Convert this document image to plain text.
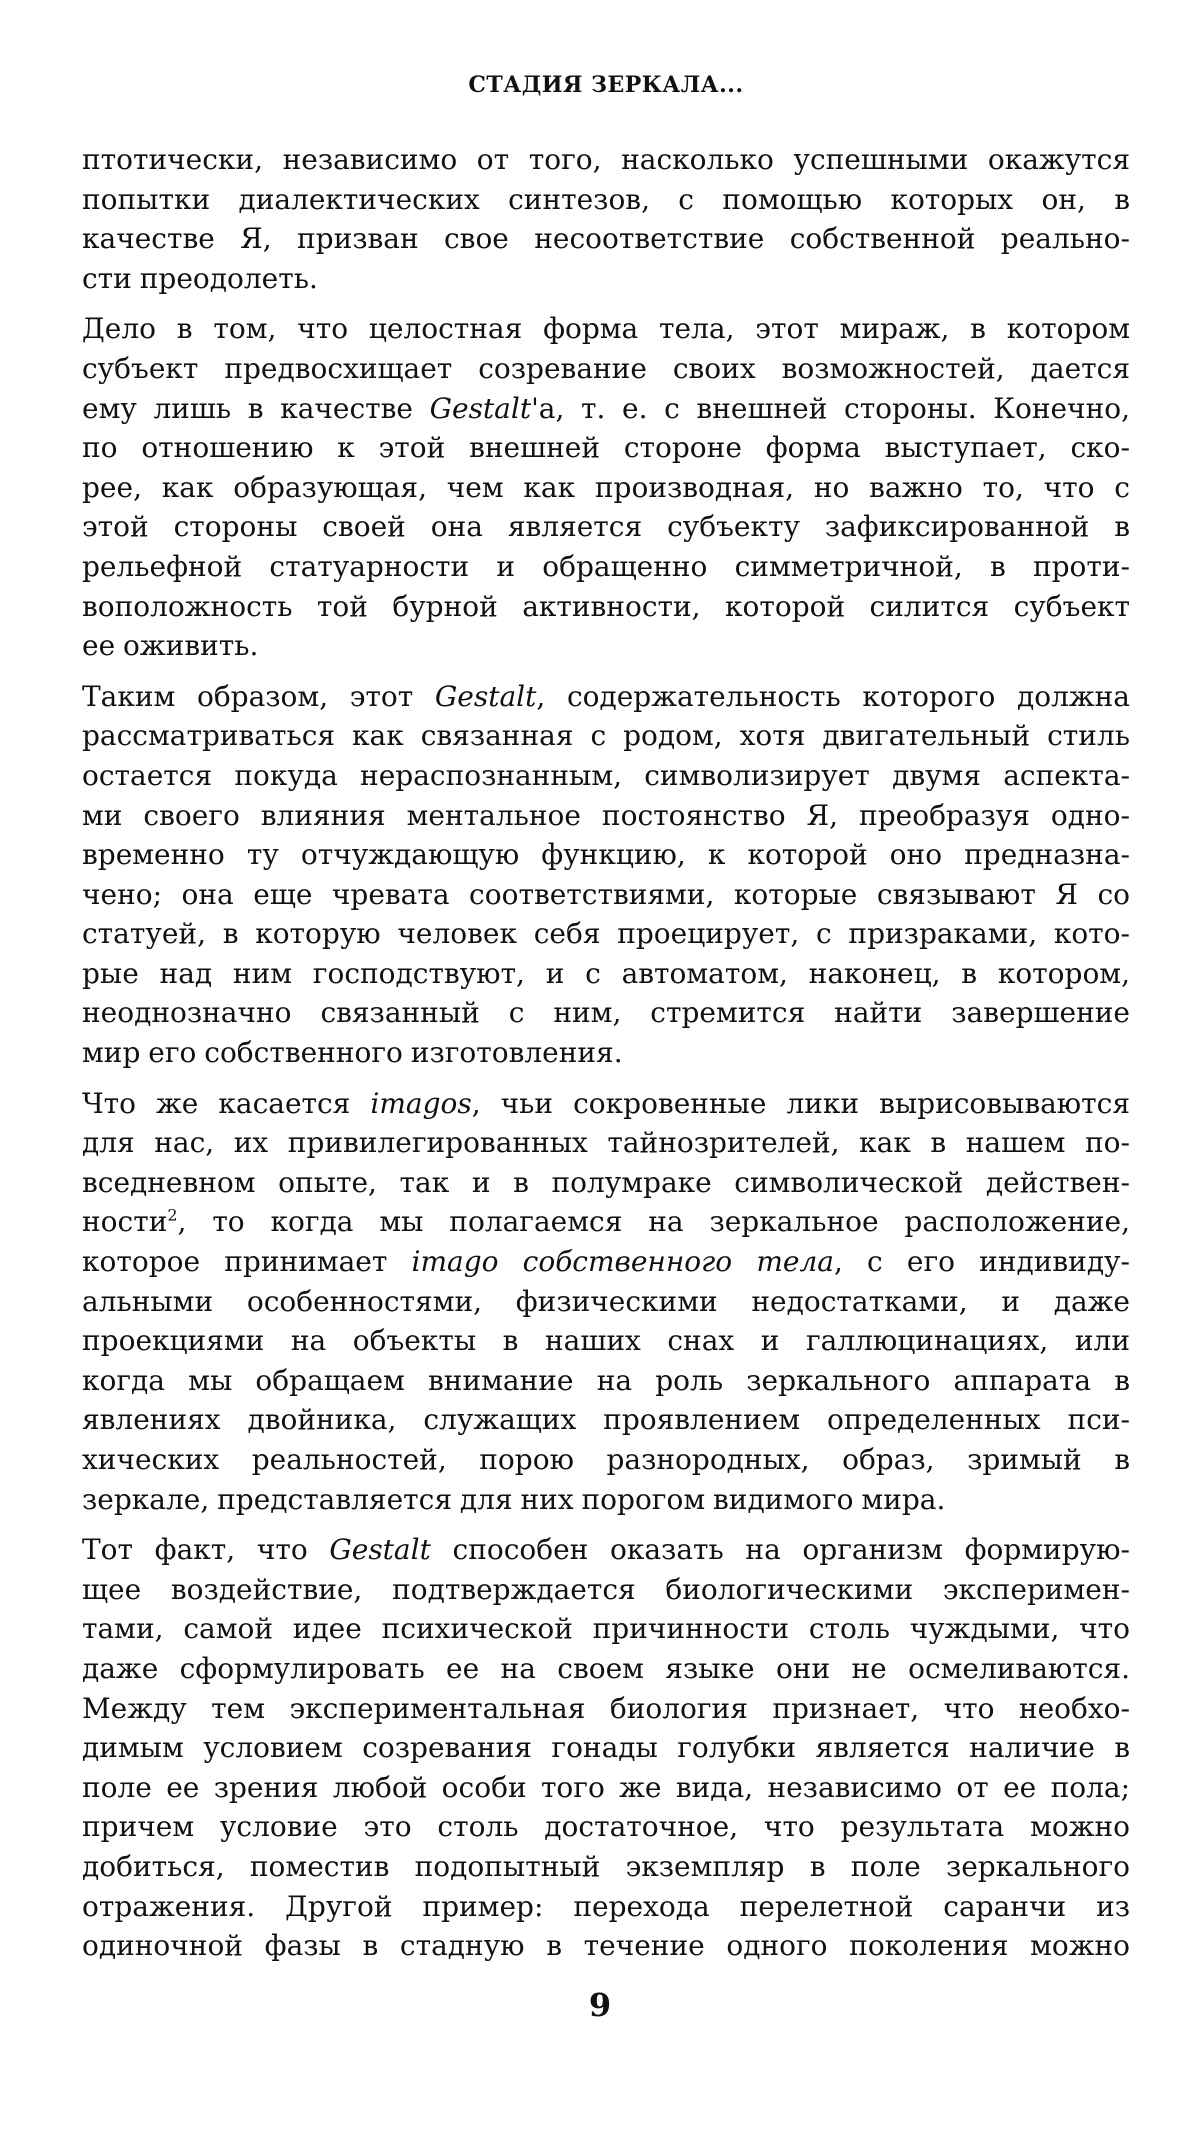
СТАДИЯ ЗЕРКАЛА...

птотически, независимо от того, насколько успешными окажутся
попытки диалектических синтезов, с помощью которых он, в
качестве Я, призван свое несоответствие собственной реально-
сти преодолеть.

Дело в том, что целостная форма тела, этот мираж, в котором
субъект предвосхищает созревание своих возможностей, дается
ему лишь в качестве Gestalt'а, т. е. с внешней стороны. Конечно,
по отношению к этой внешней стороне форма выступает, ско-
рее, как образующая, чем как производная, но важно то, что с
этой стороны своей она является субъекту зафиксированной в
рельефной статуарности и обращенно симметричной, в проти-
воположность той бурной активности, которой силится субъект
ее оживить.

Таким образом, этот Gestalt, содержательность которого должна
рассматриваться как связанная с родом, хотя двигательный стиль
остается покуда нераспознанным, символизирует двумя аспекта-
ми своего влияния ментальное постоянство Я, преобразуя одно-
временно ту отчуждающую функцию, к которой оно предназна-
чено; она еще чревата соответствиями, которые связывают Я со
статуей, в которую человек себя проецирует, с призраками, кото-
рые над ним господствуют, и с автоматом, наконец, в котором,
неоднозначно связанный с ним, стремится найти завершение
мир его собственного изготовления.

Что же касается imagos, чьи сокровенные лики вырисовываются
для нас, их привилегированных тайнозрителей, как в нашем по-
вседневном опыте, так и в полумраке символической действен-
ности$^2$, то когда мы полагаемся на зеркальное расположение,
которое принимает imago собственного тела, с его индивиду-
альными особенностями, физическими недостатками, и даже
проекциями на объекты в наших снах и галлюцинациях, или
когда мы обращаем внимание на роль зеркального аппарата в
явлениях двойника, служащих проявлением определенных пси-
хических реальностей, порою разнородных, образ, зримый в
зеркале, представляется для них порогом видимого мира.

Тот факт, что Gestalt способен оказать на организм формирую-
щее воздействие, подтверждается биологическими эксперимен-
тами, самой идее психической причинности столь чуждыми, что
даже сформулировать ее на своем языке они не осмеливаются.
Между тем экспериментальная биология признает, что необхо-
димым условием созревания гонады голубки является наличие в
поле ее зрения любой особи того же вида, независимо от ее пола;
причем условие это столь достаточное, что результата можно
добиться, поместив подопытный экземпляр в поле зеркального
отражения. Другой пример: перехода перелетной саранчи из
одиночной фазы в стадную в течение одного поколения можно

9
